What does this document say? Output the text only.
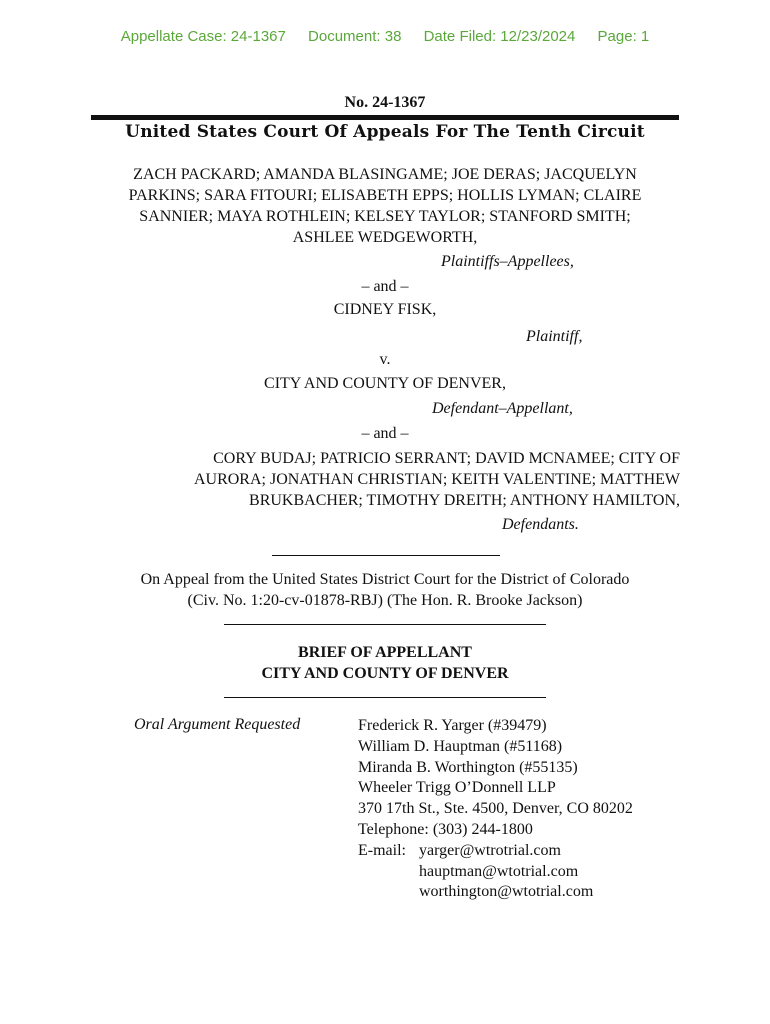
Appellate Case: 24-1367 Document: 38 Date Filed: 12/23/2024 Page: 1
No. 24-1367
United States Court Of Appeals For The Tenth Circuit
ZACH PACKARD; AMANDA BLASINGAME; JOE DERAS; JACQUELYN
PARKINS; SARA FITOURI; ELISABETH EPPS; HOLLIS LYMAN; CLAIRE
SANNIER; MAYA ROTHLEIN; KELSEY TAYLOR; STANFORD SMITH;
ASHLEE WEDGEWORTH,
Plaintiffs–Appellees,
– and –
CIDNEY FISK,
Plaintiff,
v.
CITY AND COUNTY OF DENVER,
Defendant–Appellant,
– and –
CORY BUDAJ; PATRICIO SERRANT; DAVID MCNAMEE; CITY OF
AURORA; JONATHAN CHRISTIAN; KEITH VALENTINE; MATTHEW
BRUKBACHER; TIMOTHY DREITH; ANTHONY HAMILTON,
Defendants.
On Appeal from the United States District Court for the District of Colorado
(Civ. No. 1:20-cv-01878-RBJ) (The Hon. R. Brooke Jackson)
BRIEF OF APPELLANT
CITY AND COUNTY OF DENVER
Oral Argument Requested	Frederick R. Yarger (#39479)
William D. Hauptman (#51168)
Miranda B. Worthington (#55135)
Wheeler Trigg O’Donnell LLP
370 17th St., Ste. 4500, Denver, CO 80202
Telephone: (303) 244-1800
E-mail: yarger@wtrotrial.com
hauptman@wtotrial.com
worthington@wtotrial.com
